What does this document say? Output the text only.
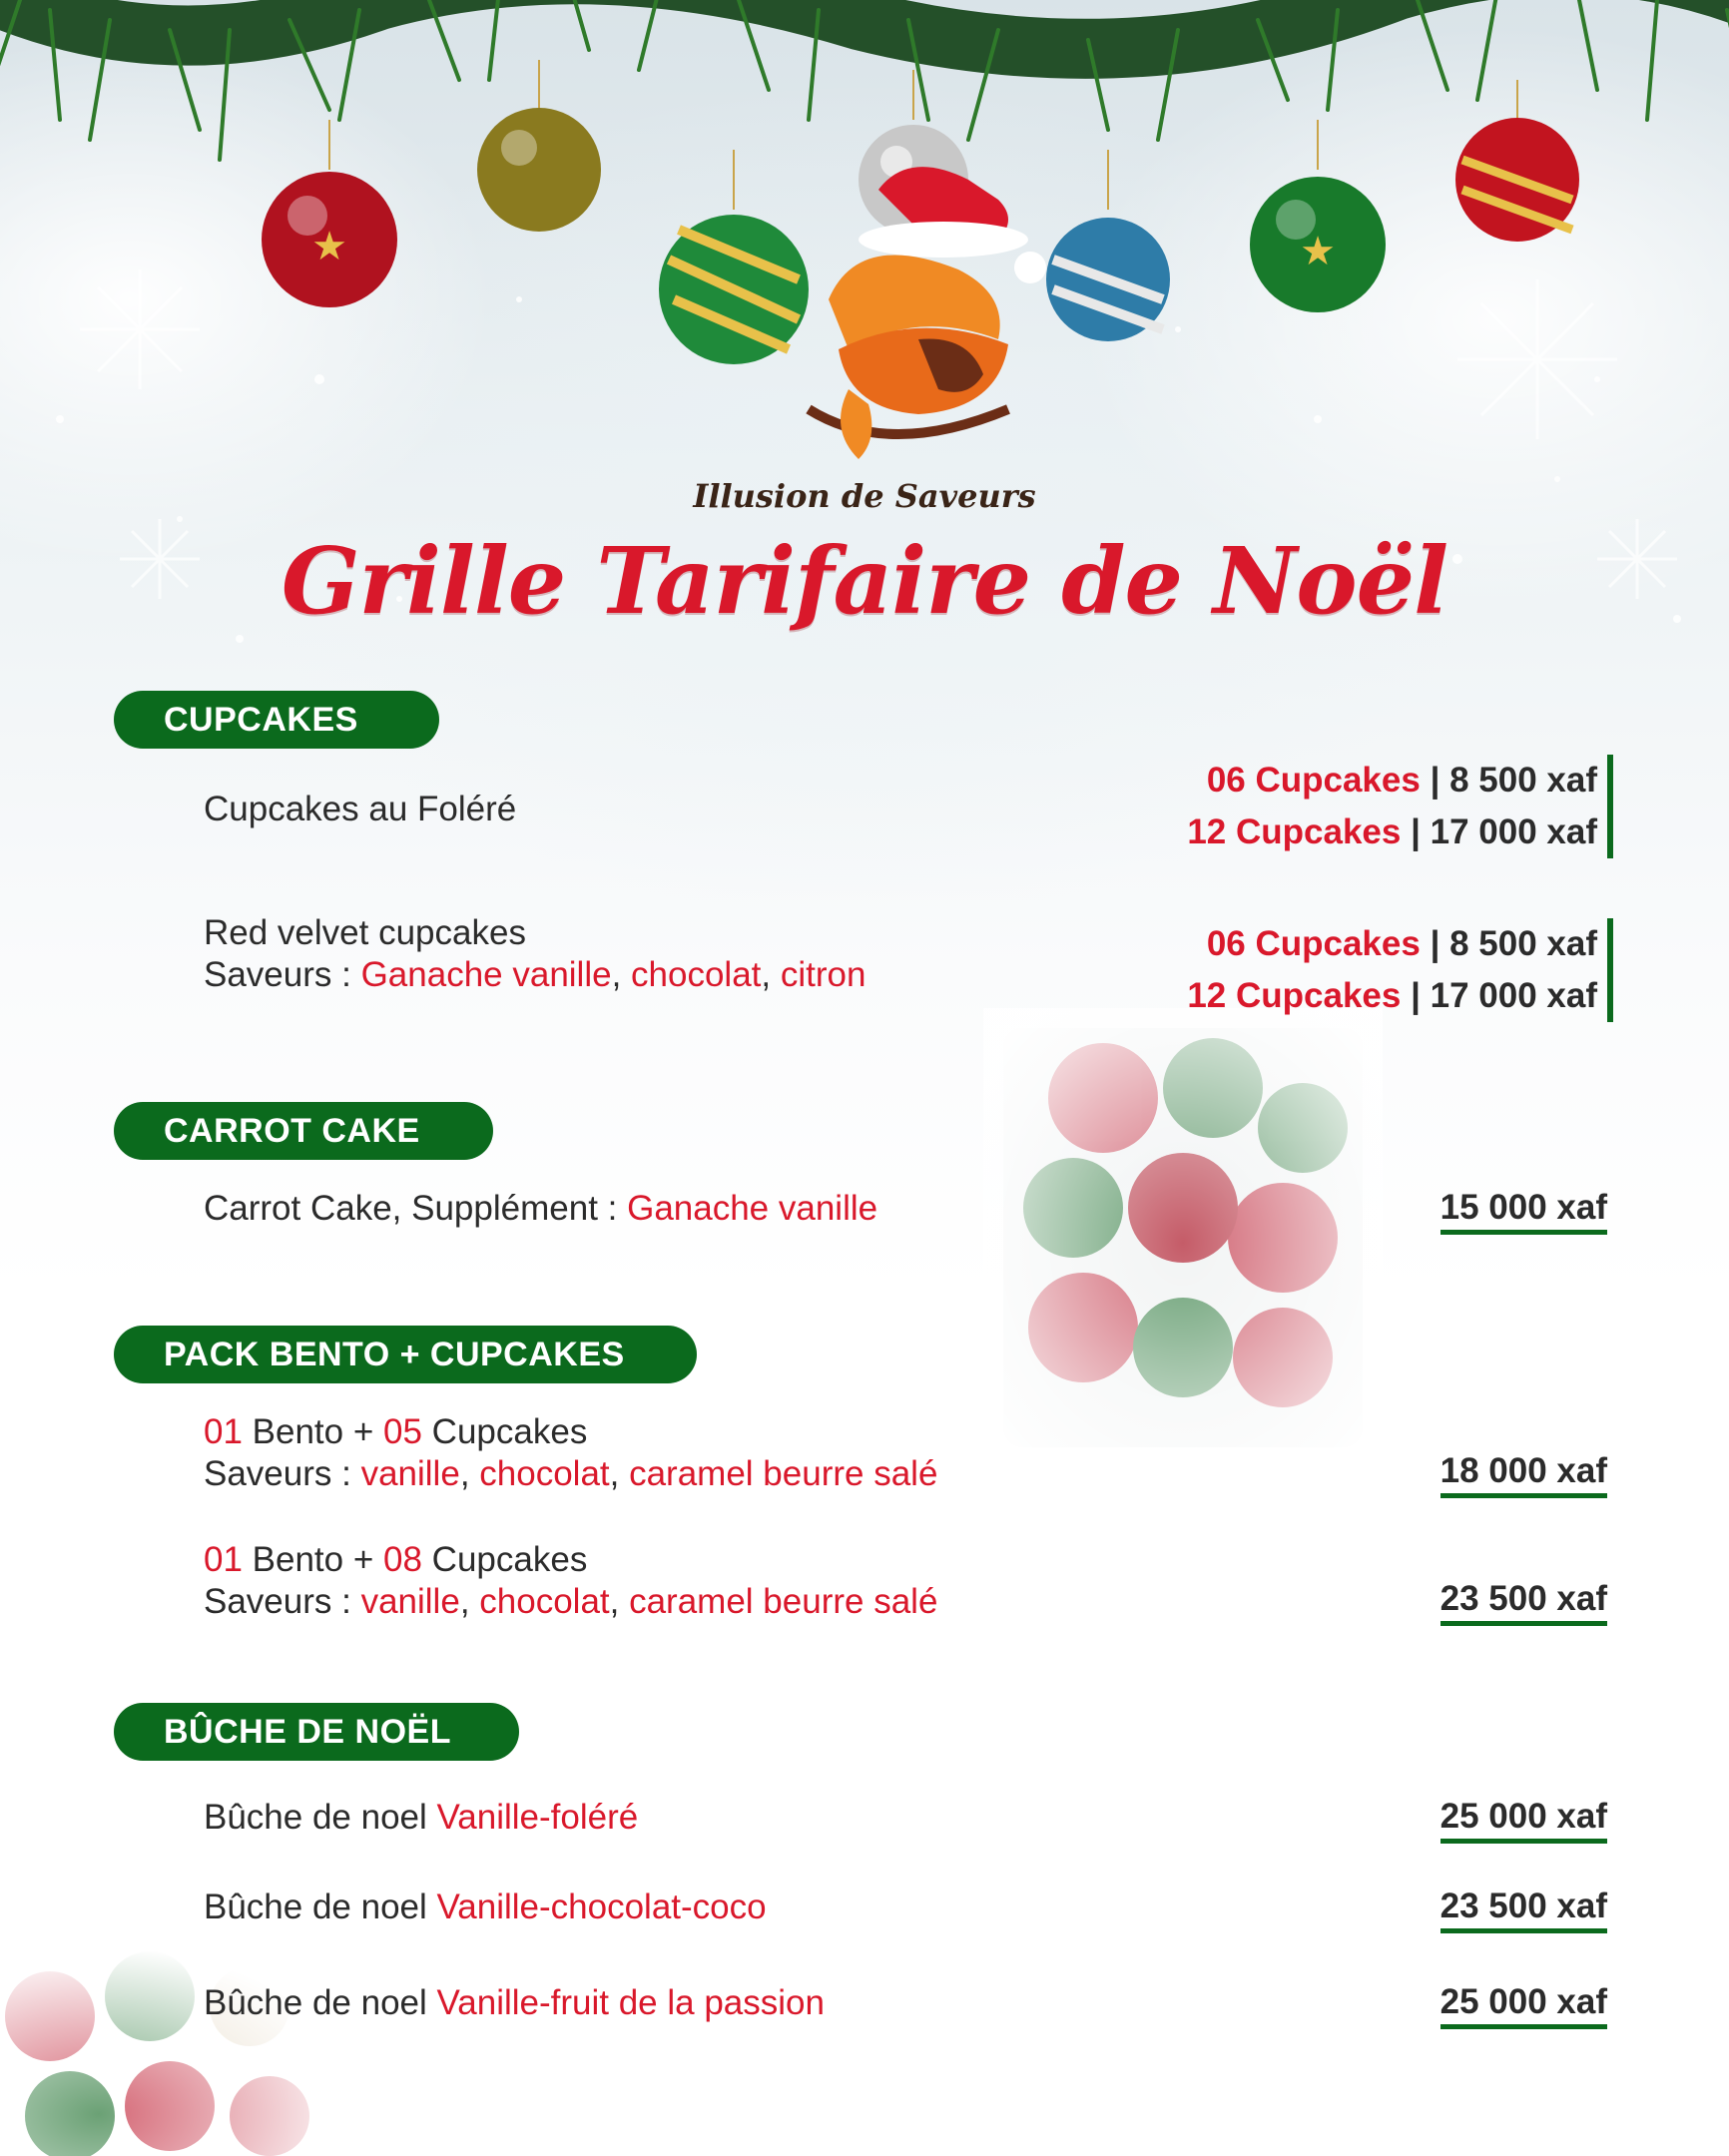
★	★
Illusion de Saveurs
Grille Tarifaire de Noël
CUPCAKES
Cupcakes au Foléré
06 Cupcakes | 8 500 xaf
12 Cupcakes | 17 000 xaf
Red velvet cupcakes
Saveurs : Ganache vanille, chocolat, citron
06 Cupcakes | 8 500 xaf
12 Cupcakes | 17 000 xaf
CARROT CAKE
Carrot Cake, Supplément : Ganache vanille	15 000 xaf
PACK BENTO + CUPCAKES
01 Bento + 05 Cupcakes
Saveurs : vanille, chocolat, caramel beurre salé	18 000 xaf
01 Bento + 08 Cupcakes
Saveurs : vanille, chocolat, caramel beurre salé	23 500 xaf
BÛCHE DE NOËL
Bûche de noel Vanille-foléré	25 000 xaf
Bûche de noel Vanille-chocolat-coco	23 500 xaf
Bûche de noel Vanille-fruit de la passion	25 000 xaf
